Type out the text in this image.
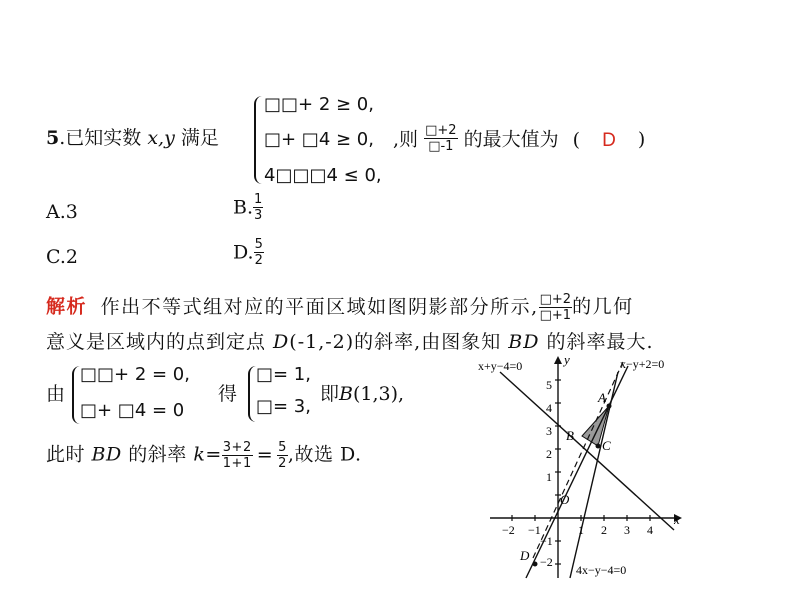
5.已知实数 x,y 满足
□□+ 2 ≥ 0,
□+ □4 ≥ 0,
4□□□4 ≤ 0,
,则 $\frac{□+2}{□-1}$ 的最大值为 ( D )
A.3	B. $\frac{1}{3}$
C.2	D. $\frac{5}{2}$
解析 作出不等式组对应的平面区域如图阴影部分所示, $\frac{□+2}{□+1}$ 的几何
意义是区域内的点到定点 D(-1,-2)的斜率,由图象知 BD 的斜率最大.
由
□□+ 2 = 0,
□+ □4 = 0
得
□= 1,
□= 3,
即B(1,3),
此时 BD 的斜率 $k= \frac{3+2}{1+1} = \frac{5}{2}$ ,故选 D.
x+y−4=0	x−y+2=0
4x−y−4=0
x
y
O
−2 −1	1 2 3 4
5
4
3
2
1
−1
−2
A
B
C
D
